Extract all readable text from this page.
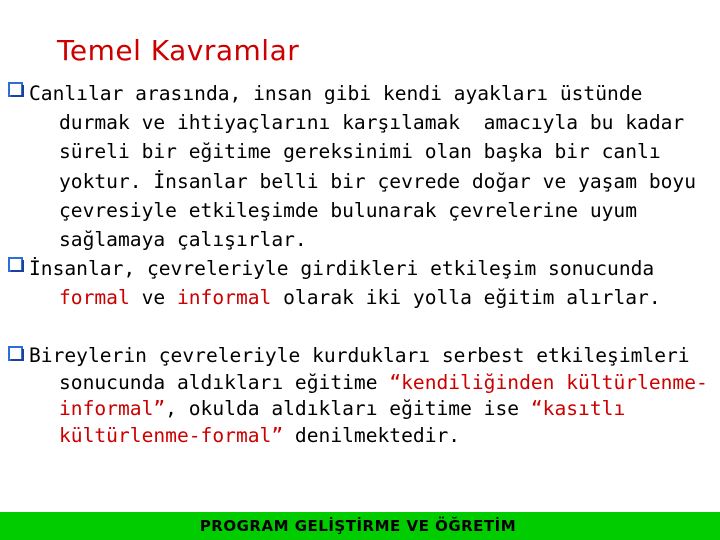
Temel Kavramlar
Canlılar arasında, insan gibi kendi ayakları üstünde
durmak ve ihtiyaçlarını karşılamak  amacıyla bu kadar
süreli bir eğitime gereksinimi olan başka bir canlı
yoktur. İnsanlar belli bir çevrede doğar ve yaşam boyu
çevresiyle etkileşimde bulunarak çevrelerine uyum
sağlamaya çalışırlar.
İnsanlar, çevreleriyle girdikleri etkileşim sonucunda
formal ve informal olarak iki yolla eğitim alırlar.
Bireylerin çevreleriyle kurdukları serbest etkileşimleri
sonucunda aldıkları eğitime “kendiliğinden kültürlenme-
informal”, okulda aldıkları eğitime ise “kasıtlı
kültürlenme-formal” denilmektedir.
PROGRAM GELİŞTİRME VE ÖĞRETİM
